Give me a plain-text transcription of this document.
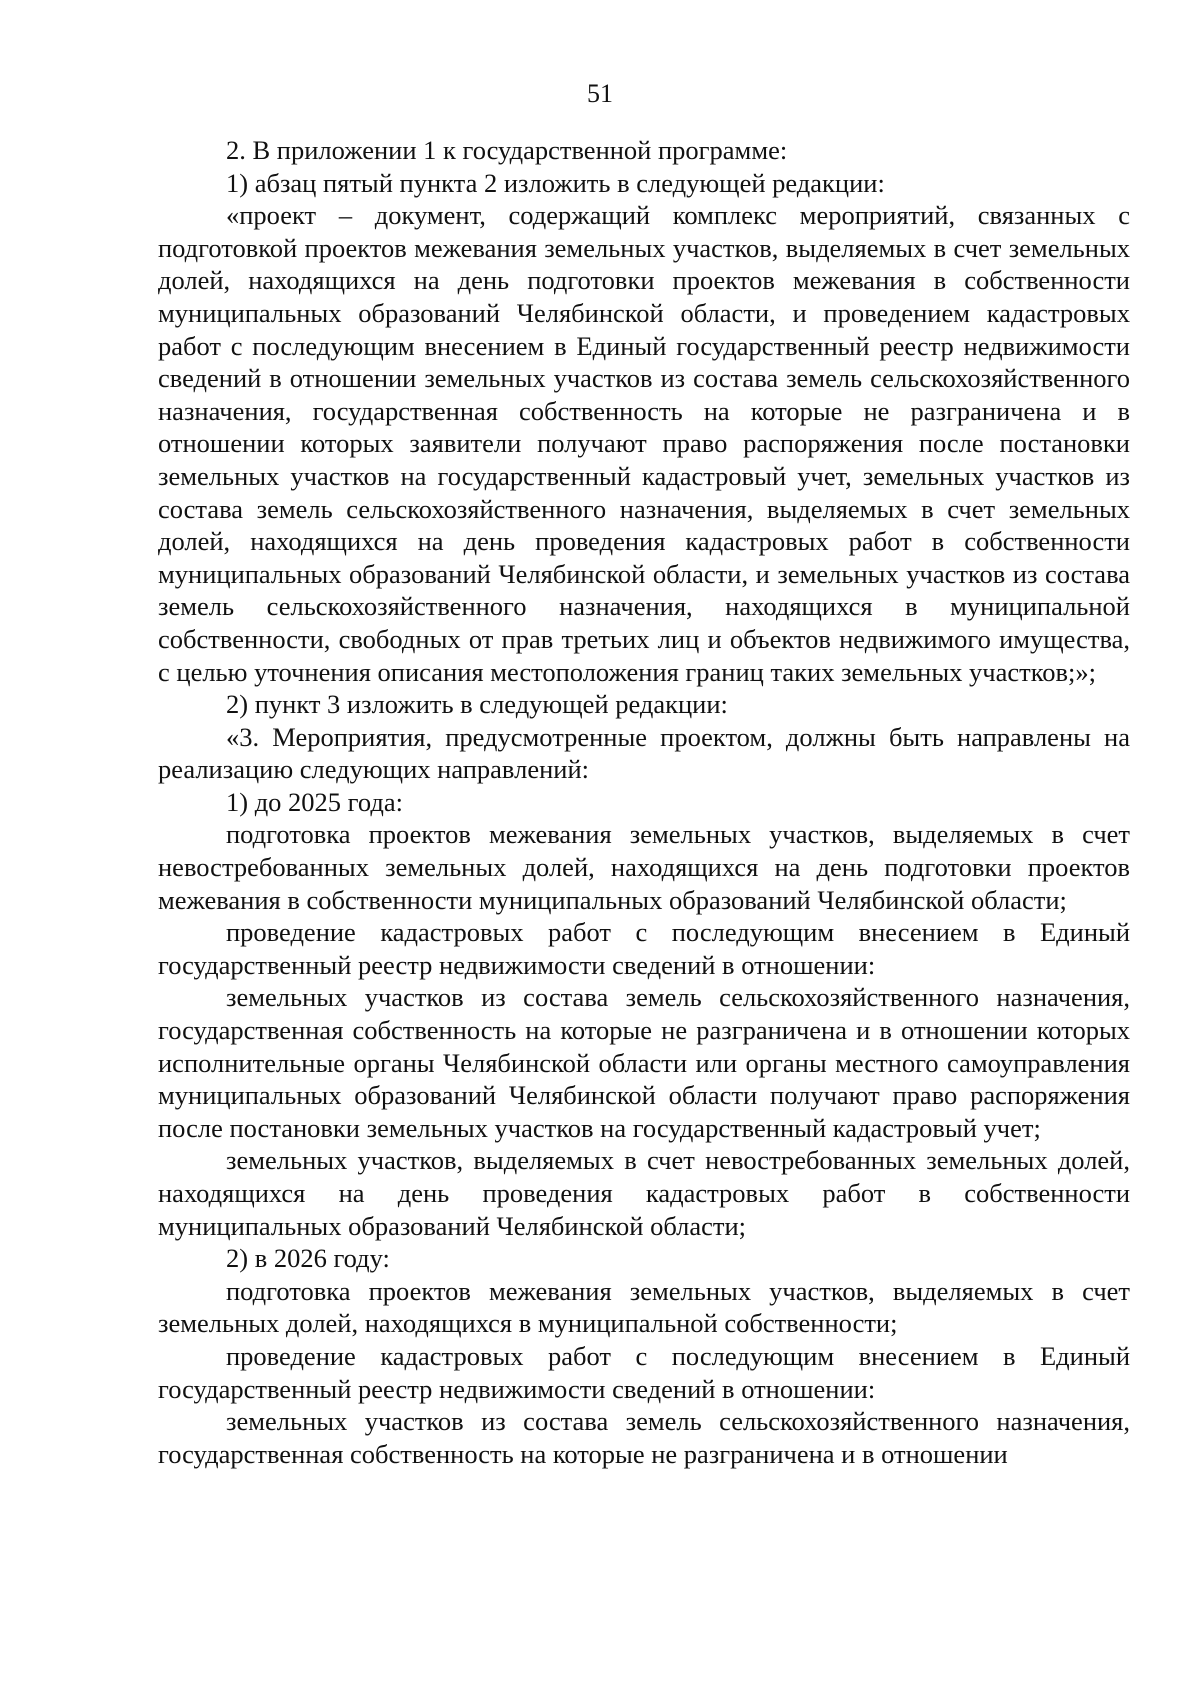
51

2. В приложении 1 к государственной программе:

1) абзац пятый пункта 2 изложить в следующей редакции:

«проект – документ, содержащий комплекс мероприятий, связанных с подготовкой проектов межевания земельных участков, выделяемых в счет земельных долей, находящихся на день подготовки проектов межевания в собственности муниципальных образований Челябинской области, и проведением кадастровых работ с последующим внесением в Единый государственный реестр недвижимости сведений в отношении земельных участков из состава земель сельскохозяйственного назначения, государственная собственность на которые не разграничена и в отношении которых заявители получают право распоряжения после постановки земельных участков на государственный кадастровый учет, земельных участков из состава земель сельскохозяйственного назначения, выделяемых в счет земельных долей, находящихся на день проведения кадастровых работ в собственности муниципальных образований Челябинской области, и земельных участков из состава земель сельскохозяйственного назначения, находящихся в муниципальной собственности, свободных от прав третьих лиц и объектов недвижимого имущества, с целью уточнения описания местоположения границ таких земельных участков;»;

2) пункт 3 изложить в следующей редакции:

«3. Мероприятия, предусмотренные проектом, должны быть направлены на реализацию следующих направлений:

1) до 2025 года:

подготовка проектов межевания земельных участков, выделяемых в счет невостребованных земельных долей, находящихся на день подготовки проектов межевания в собственности муниципальных образований Челябинской области;

проведение кадастровых работ с последующим внесением в Единый государственный реестр недвижимости сведений в отношении:

земельных участков из состава земель сельскохозяйственного назначения, государственная собственность на которые не разграничена и в отношении которых исполнительные органы Челябинской области или органы местного самоуправления муниципальных образований Челябинской области получают право распоряжения после постановки земельных участков на государственный кадастровый учет;

земельных участков, выделяемых в счет невостребованных земельных долей, находящихся на день проведения кадастровых работ в собственности муниципальных образований Челябинской области;

2) в 2026 году:

подготовка проектов межевания земельных участков, выделяемых в счет земельных долей, находящихся в муниципальной собственности;

проведение кадастровых работ с последующим внесением в Единый государственный реестр недвижимости сведений в отношении:

земельных участков из состава земель сельскохозяйственного назначения, государственная собственность на которые не разграничена и в отношении
